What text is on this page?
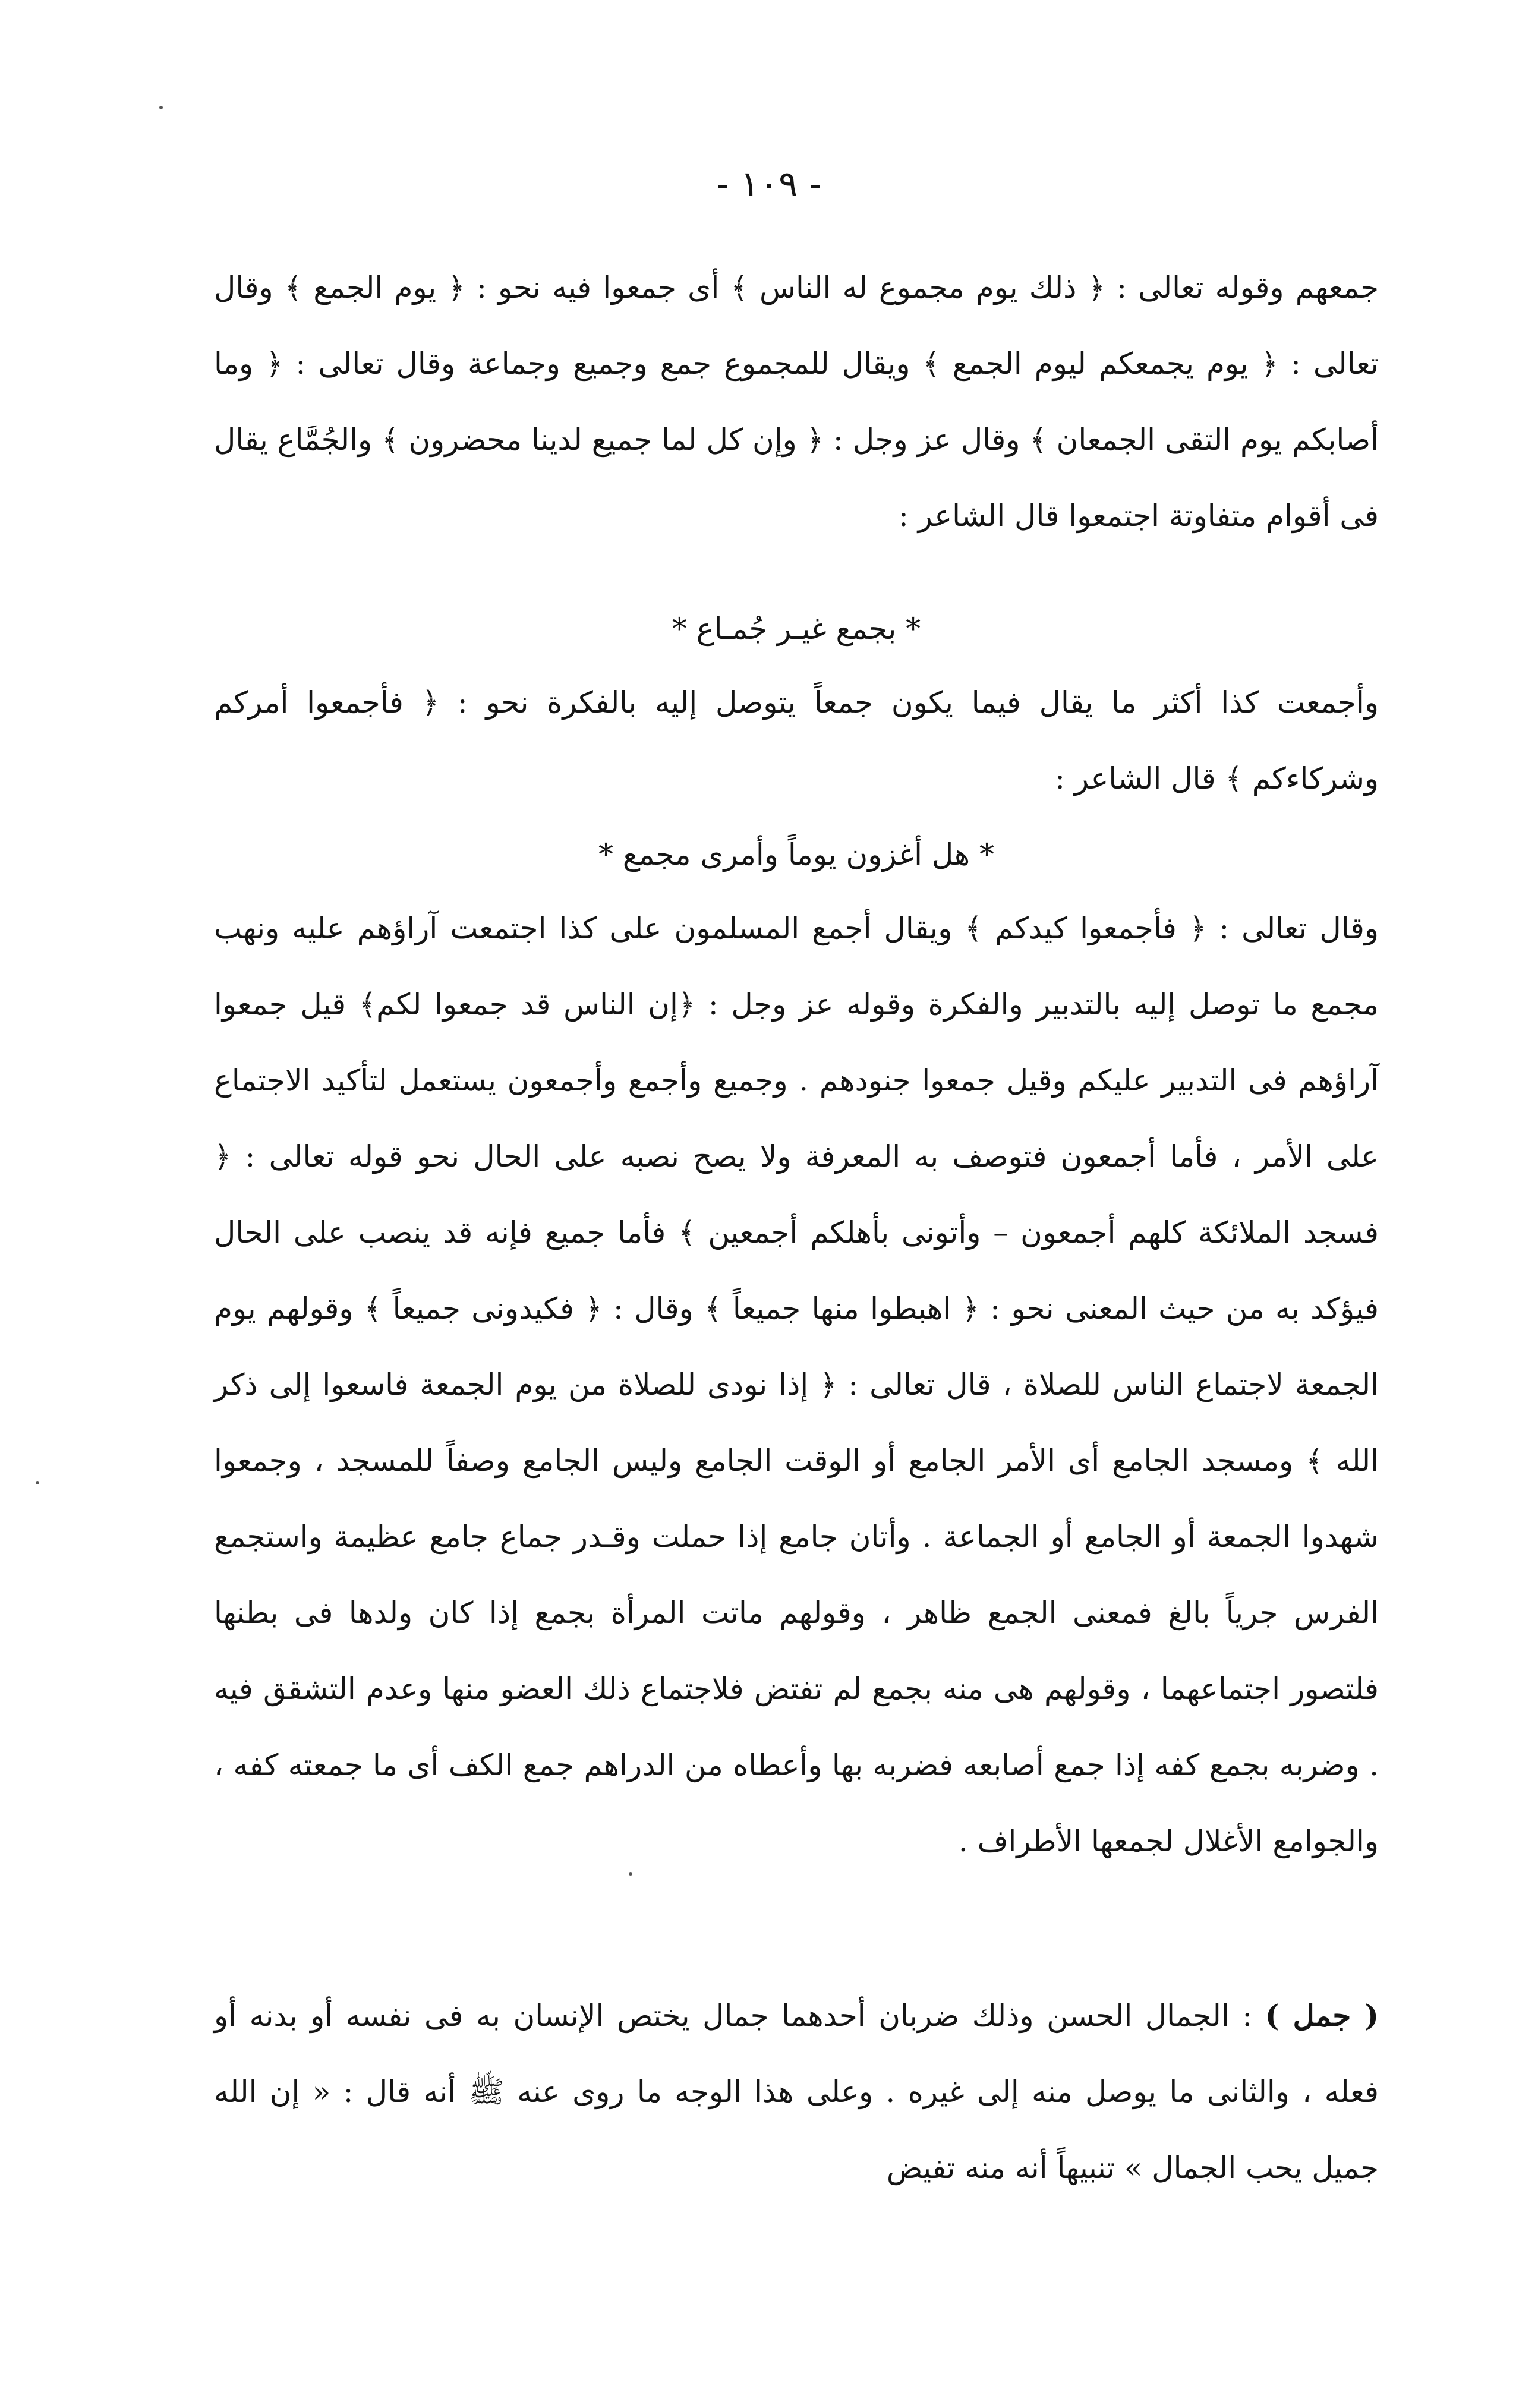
- ١٠٩ -

جمعهم وقوله تعالى : ﴿ ذلك يوم مجموع له الناس ﴾ أى جمعوا فيه نحو : ﴿ يوم الجمع ﴾ وقال تعالى : ﴿ يوم يجمعكم ليوم الجمع ﴾ ويقال للمجموع جمع وجميع وجماعة وقال تعالى : ﴿ وما أصابكم يوم التقى الجمعان ﴾ وقال عز وجل : ﴿ وإن كل لما جميع لدينا محضرون ﴾ والجُمَّاع يقال فى أقوام متفاوتة اجتمعوا قال الشاعر :

* بجمع غيـر جُمـاع *

وأجمعت كذا أكثر ما يقال فيما يكون جمعاً يتوصل إليه بالفكرة نحو : ﴿ فأجمعوا أمركم وشركاءكم ﴾ قال الشاعر :

* هل أغزون يوماً وأمرى مجمع *

وقال تعالى : ﴿ فأجمعوا كيدكم ﴾ ويقال أجمع المسلمون على كذا اجتمعت آراؤهم عليه ونهب مجمع ما توصل إليه بالتدبير والفكرة وقوله عز وجل : ﴿إن الناس قد جمعوا لكم﴾ قيل جمعوا آراؤهم فى التدبير عليكم وقيل جمعوا جنودهم . وجميع وأجمع وأجمعون يستعمل لتأكيد الاجتماع على الأمر ، فأما أجمعون فتوصف به المعرفة ولا يصح نصبه على الحال نحو قوله تعالى : ﴿ فسجد الملائكة كلهم أجمعون – وأتونى بأهلكم أجمعين ﴾ فأما جميع فإنه قد ينصب على الحال فيؤكد به من حيث المعنى نحو : ﴿ اهبطوا منها جميعاً ﴾ وقال : ﴿ فكيدونى جميعاً ﴾ وقولهم يوم الجمعة لاجتماع الناس للصلاة ، قال تعالى : ﴿ إذا نودى للصلاة من يوم الجمعة فاسعوا إلى ذكر الله ﴾ ومسجد الجامع أى الأمر الجامع أو الوقت الجامع وليس الجامع وصفاً للمسجد ، وجمعوا شهدوا الجمعة أو الجامع أو الجماعة . وأتان جامع إذا حملت وقـدر جماع جامع عظيمة واستجمع الفرس جرياً بالغ فمعنى الجمع ظاهر ، وقولهم ماتت المرأة بجمع إذا كان ولدها فى بطنها فلتصور اجتماعهما ، وقولهم هى منه بجمع لم تفتض فلاجتماع ذلك العضو منها وعدم التشقق فيه . وضربه بجمع كفه إذا جمع أصابعه فضربه بها وأعطاه من الدراهم جمع الكف أى ما جمعته كفه ، والجوامع الأغلال لجمعها الأطراف .

( جمل ) : الجمال الحسن وذلك ضربان أحدهما جمال يختص الإنسان به فى نفسه أو بدنه أو فعله ، والثانى ما يوصل منه إلى غيره . وعلى هذا الوجه ما روى عنه ﷺ أنه قال : « إن الله جميل يحب الجمال » تنبيهاً أنه منه تفيض
